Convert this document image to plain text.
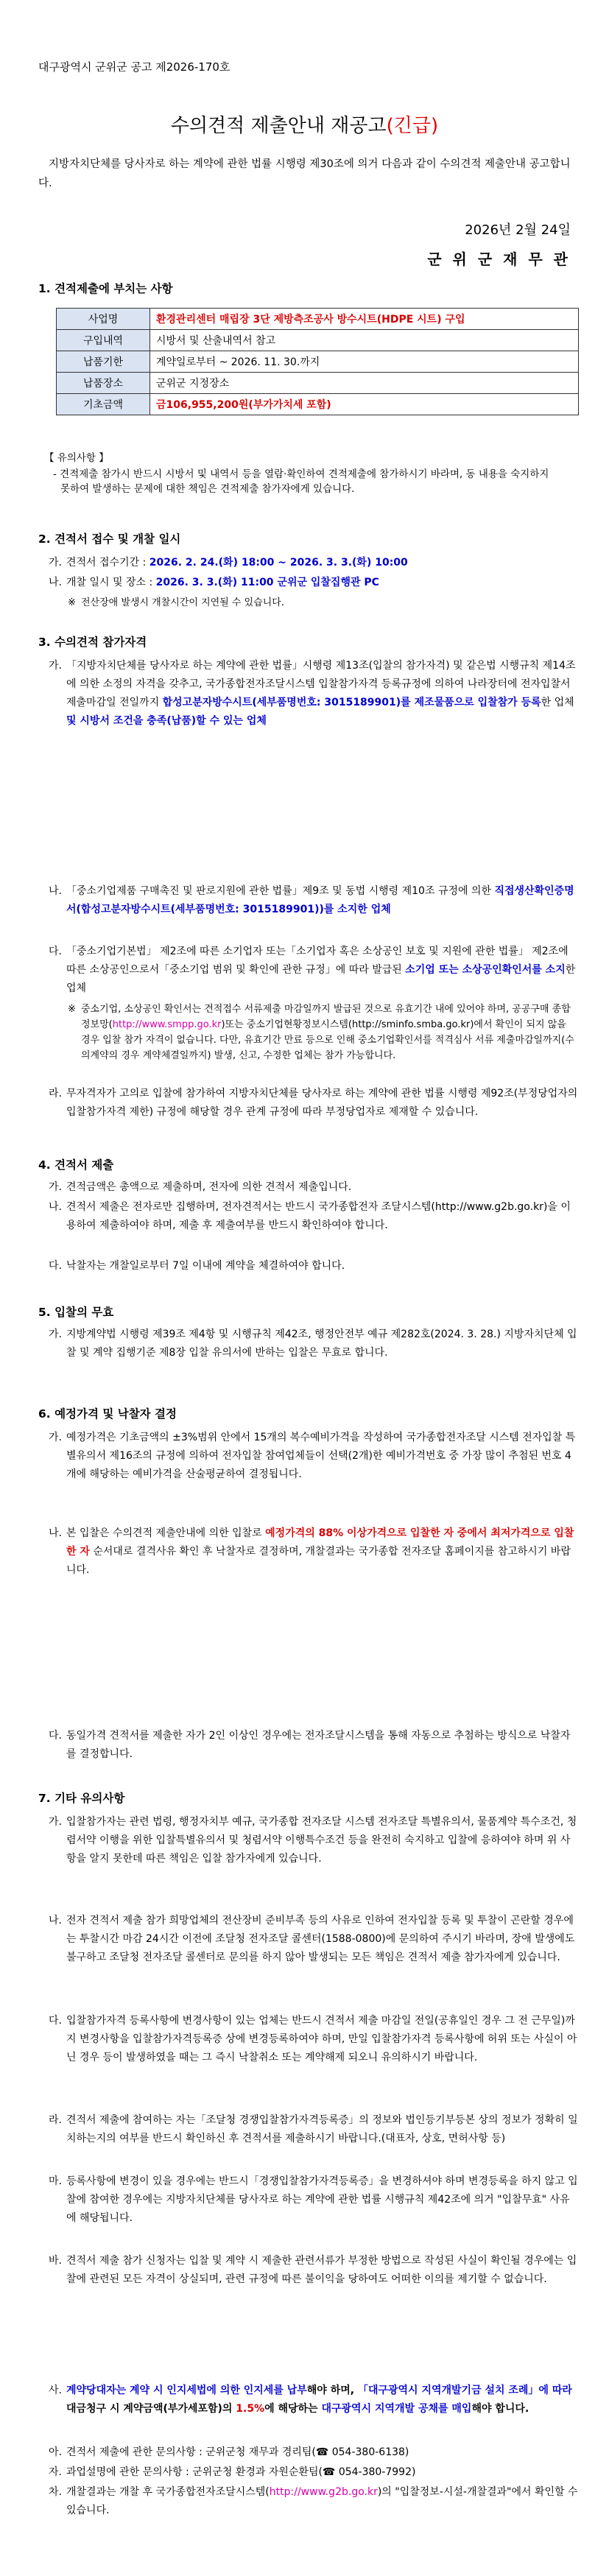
대구광역시 군위군 공고 제2026-170호
수의견적 제출안내 재공고(긴급)
지방자치단체를 당사자로 하는 계약에 관한 법률 시행령 제30조에 의거 다음과 같이 수의견적 제출안내 공고합니다.
2026년 2월 24일
군 위 군 재 무 관
1. 견적제출에 부치는 사항
사업명	환경관리센터 매립장 3단 제방측조공사 방수시트(HDPE 시트) 구입
구입내역	시방서 및 산출내역서 참고
납품기한	계약일로부터 ~ 2026. 11. 30.까지
납품장소	군위군 지정장소
기초금액	금106,955,200원(부가가치세 포함)
【 유의사항 】
- 견적제출 참가시 반드시 시방서 및 내역서 등을 열람·확인하여 견적제출에 참가하시기 바라며, 동 내용을 숙지하지 못하여 발생하는 문제에 대한 책임은 견적제출 참가자에게 있습니다.
2. 견적서 접수 및 개찰 일시
가. 견적서 접수기간 : 2026. 2. 24.(화) 18:00 ~ 2026. 3. 3.(화) 10:00
나. 개찰 일시 및 장소 : 2026. 3. 3.(화) 11:00 군위군 입찰집행관 PC
※ 전산장애 발생시 개찰시간이 지연될 수 있습니다.
3. 수의견적 참가자격
가. 「지방자치단체를 당사자로 하는 계약에 관한 법률」시행령 제13조(입찰의 참가자격) 및 같은법 시행규칙 제14조에 의한 소정의 자격을 갖추고, 국가종합전자조달시스템 입찰참가자격 등록규정에 의하여 나라장터에 전자입찰서 제출마감일 전일까지 합성고분자방수시트(세부품명번호: 3015189901)를 제조물품으로 입찰참가 등록한 업체 및 시방서 조건을 충족(납품)할 수 있는 업체
나. 「중소기업제품 구매촉진 및 판로지원에 관한 법률」제9조 및 동법 시행령 제10조 규정에 의한 직접생산확인증명서(합성고분자방수시트(세부품명번호: 3015189901))를 소지한 업체
다. 「중소기업기본법」 제2조에 따른 소기업자 또는「소기업자 혹은 소상공인 보호 및 지원에 관한 법률」 제2조에 따른 소상공인으로서「중소기업 범위 및 확인에 관한 규정」에 따라 발급된 소기업 또는 소상공인확인서를 소지한 업체
※ 중소기업, 소상공인 확인서는 견적접수 서류제출 마감일까지 발급된 것으로 유효기간 내에 있어야 하며, 공공구매 종합정보망(http://www.smpp.go.kr)또는 중소기업현황정보시스템(http://sminfo.smba.go.kr)에서 확인이 되지 않을 경우 입찰 참가 자격이 없습니다. 다만, 유효기간 만료 등으로 인해 중소기업확인서를 적격심사 서류 제출마감일까지(수의계약의 경우 계약체결일까지) 발생, 신고, 수정한 업체는 참가 가능합니다.
라. 무자격자가 고의로 입찰에 참가하여 지방자치단체를 당사자로 하는 계약에 관한 법률 시행령 제92조(부정당업자의 입찰참가자격 제한) 규정에 해당할 경우 관계 규정에 따라 부정당업자로 제재할 수 있습니다.
4. 견적서 제출
가. 견적금액은 총액으로 제출하며, 전자에 의한 견적서 제출입니다.
나. 견적서 제출은 전자로만 집행하며, 전자견적서는 반드시 국가종합전자 조달시스템(http://www.g2b.go.kr)을 이용하여 제출하여야 하며, 제출 후 제출여부를 반드시 확인하여야 합니다.
다. 낙찰자는 개찰일로부터 7일 이내에 계약을 체결하여야 합니다.
5. 입찰의 무효
가. 지방계약법 시행령 제39조 제4항 및 시행규칙 제42조, 행정안전부 예규 제282호(2024. 3. 28.) 지방자치단체 입찰 및 계약 집행기준 제8장 입찰 유의서에 반하는 입찰은 무효로 합니다.
6. 예정가격 및 낙찰자 결정
가. 예정가격은 기초금액의 ±3%범위 안에서 15개의 복수예비가격을 작성하여 국가종합전자조달 시스템 전자입찰 특별유의서 제16조의 규정에 의하여 전자입찰 참여업체들이 선택(2개)한 예비가격번호 중 가장 많이 추첨된 번호 4개에 해당하는 예비가격을 산술평균하여 결정됩니다.
나. 본 입찰은 수의견적 제출안내에 의한 입찰로 예정가격의 88% 이상가격으로 입찰한 자 중에서 최저가격으로 입찰한 자 순서대로 결격사유 확인 후 낙찰자로 결정하며, 개찰결과는 국가종합 전자조달 홈페이지를 참고하시기 바랍니다.
다. 동일가격 견적서를 제출한 자가 2인 이상인 경우에는 전자조달시스템을 통해 자동으로 추첨하는 방식으로 낙찰자를 결정합니다.
7. 기타 유의사항
가. 입찰참가자는 관련 법령, 행정자치부 예규, 국가종합 전자조달 시스템 전자조달 특별유의서, 물품계약 특수조건, 청렴서약 이행을 위한 입찰특별유의서 및 청렴서약 이행특수조건 등을 완전히 숙지하고 입찰에 응하여야 하며 위 사항을 알지 못한데 따른 책임은 입찰 참가자에게 있습니다.
나. 전자 견적서 제출 참가 희망업체의 전산장비 준비부족 등의 사유로 인하여 전자입찰 등록 및 투찰이 곤란할 경우에는 투찰시간 마감 24시간 이전에 조달청 전자조달 콜센터(1588-0800)에 문의하여 주시기 바라며, 장애 발생에도 불구하고 조달청 전자조달 콜센터로 문의를 하지 않아 발생되는 모든 책임은 견적서 제출 참가자에게 있습니다.
다. 입찰참가자격 등록사항에 변경사항이 있는 업체는 반드시 견적서 제출 마감일 전일(공휴일인 경우 그 전 근무일)까지 변경사항을 입찰참가자격등록증 상에 변경등록하여야 하며, 만일 입찰참가자격 등록사항에 허위 또는 사실이 아닌 경우 등이 발생하였을 때는 그 즉시 낙찰취소 또는 계약해제 되오니 유의하시기 바랍니다.
라. 견적서 제출에 참여하는 자는「조달청 경쟁입찰참가자격등록증」의 정보와 법인등기부등본 상의 정보가 정확히 일치하는지의 여부를 반드시 확인하신 후 견적서를 제출하시기 바랍니다.(대표자, 상호, 면허사항 등)
마. 등록사항에 변경이 있을 경우에는 반드시「경쟁입찰참가자격등록증」을 변경하셔야 하며 변경등록을 하지 않고 입찰에 참여한 경우에는 지방자치단체를 당사자로 하는 계약에 관한 법률 시행규칙 제42조에 의거 "입찰무효" 사유에 해당됩니다.
바. 견적서 제출 참가 신청자는 입찰 및 계약 시 제출한 관련서류가 부정한 방법으로 작성된 사실이 확인될 경우에는 입찰에 관련된 모든 자격이 상실되며, 관련 규정에 따른 불이익을 당하여도 어떠한 이의를 제기할 수 없습니다.
사. 계약당대자는 계약 시 인지세법에 의한 인지세를 납부해야 하며, 「대구광역시 지역개발기금 설치 조례」에 따라 대금청구 시 계약금액(부가세포함)의 1.5%에 해당하는 대구광역시 지역개발 공채를 매입해야 합니다.
아. 견적서 제출에 관한 문의사항 : 군위군청 재무과 경리팀(☎ 054-380-6138)
자. 과업설명에 관한 문의사항 : 군위군청 환경과 자원순환팀(☎ 054-380-7992)
차. 개찰결과는 개찰 후 국가종합전자조달시스템(http://www.g2b.go.kr)의 "입찰정보-시설-개찰결과"에서 확인할 수 있습니다.
